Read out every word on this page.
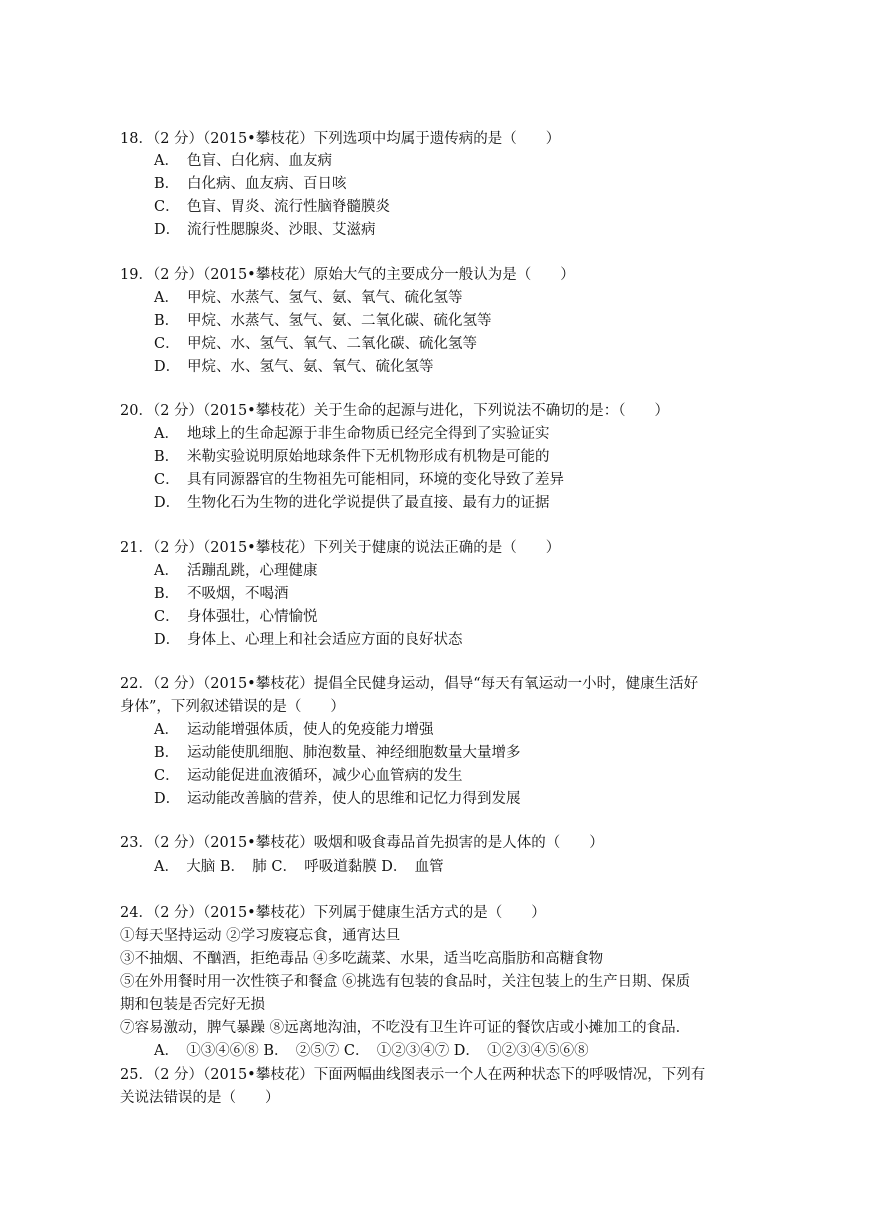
18．（2 分）（2015•攀枝花）下列选项中均属于遗传病的是（　　）
A． 色盲、白化病、血友病
B． 白化病、血友病、百日咳
C． 色盲、胃炎、流行性脑脊髓膜炎
D． 流行性腮腺炎、沙眼、艾滋病
19．（2 分）（2015•攀枝花）原始大气的主要成分一般认为是（　　）
A． 甲烷、水蒸气、氢气、氨、氧气、硫化氢等
B． 甲烷、水蒸气、氢气、氨、二氧化碳、硫化氢等
C． 甲烷、水、氢气、氧气、二氧化碳、硫化氢等
D． 甲烷、水、氢气、氨、氧气、硫化氢等
20．（2 分）（2015•攀枝花）关于生命的起源与进化，下列说法不确切的是：（　　）
A． 地球上的生命起源于非生命物质已经完全得到了实验证实
B． 米勒实验说明原始地球条件下无机物形成有机物是可能的
C． 具有同源器官的生物祖先可能相同，环境的变化导致了差异
D． 生物化石为生物的进化学说提供了最直接、最有力的证据
21．（2 分）（2015•攀枝花）下列关于健康的说法正确的是（　　）
A． 活蹦乱跳，心理健康
B． 不吸烟，不喝酒
C． 身体强壮，心情愉悦
D． 身体上、心理上和社会适应方面的良好状态
22．（2 分）（2015•攀枝花）提倡全民健身运动，倡导“每天有氧运动一小时，健康生活好
身体”，下列叙述错误的是（　　）
A． 运动能增强体质，使人的免疫能力增强
B． 运动能使肌细胞、肺泡数量、神经细胞数量大量增多
C． 运动能促进血液循环，减少心血管病的发生
D． 运动能改善脑的营养，使人的思维和记忆力得到发展
23．（2 分）（2015•攀枝花）吸烟和吸食毒品首先损害的是人体的（　　）
A．　大脑 B．　肺 C．　呼吸道黏膜 D．　血管
24．（2 分）（2015•攀枝花）下列属于健康生活方式的是（　　）
①每天坚持运动 ②学习废寝忘食，通宵达旦
③不抽烟、不酗酒，拒绝毒品 ④多吃蔬菜、水果，适当吃高脂肪和高糖食物
⑤在外用餐时用一次性筷子和餐盒 ⑥挑选有包装的食品时，关注包装上的生产日期、保质
期和包装是否完好无损
⑦容易激动，脾气暴躁 ⑧远离地沟油，不吃没有卫生许可证的餐饮店或小摊加工的食品．
A．　①③④⑥⑧ B．　②⑤⑦ C．　①②③④⑦ D．　①②③④⑤⑥⑧
25．（2 分）（2015•攀枝花）下面两幅曲线图表示一个人在两种状态下的呼吸情况，下列有
关说法错误的是（　　）
